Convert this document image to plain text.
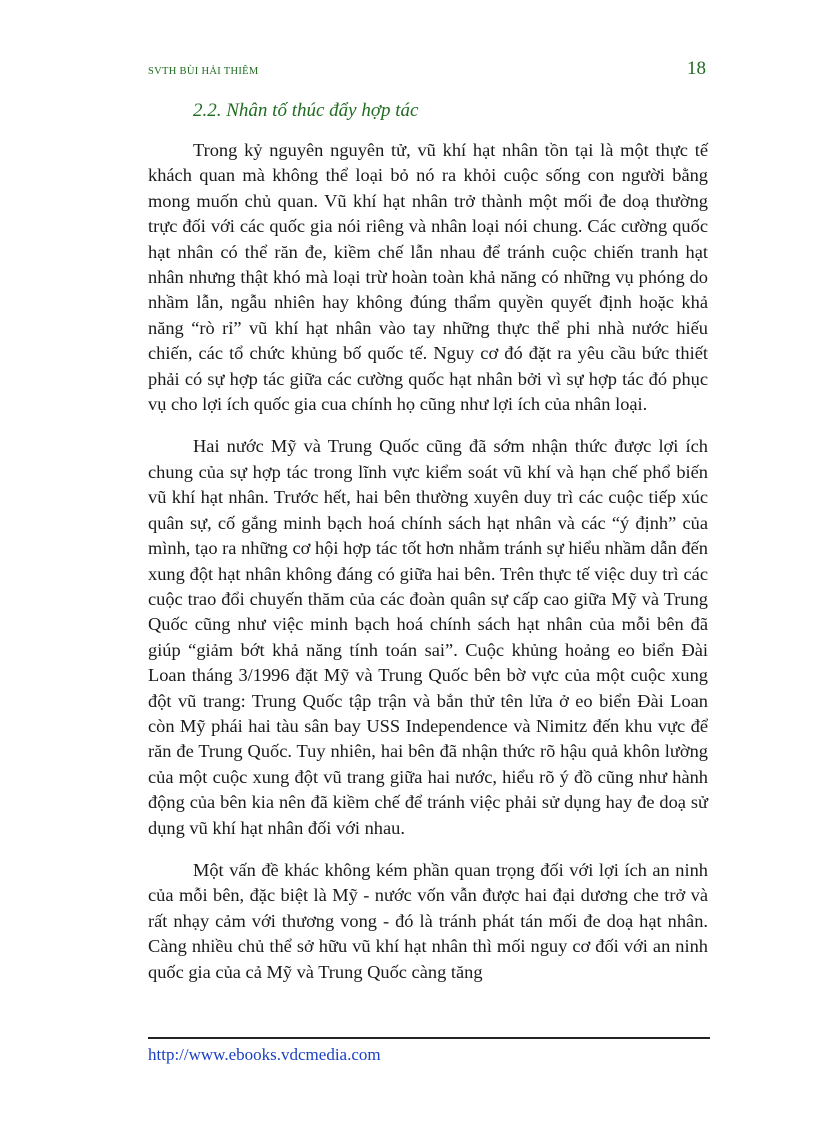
SVTH BÙI HẢI THIÊM	18
2.2. Nhân tố thúc đẩy hợp tác

Trong kỷ nguyên nguyên tử, vũ khí hạt nhân tồn tại là một thực tế khách quan mà không thể loại bỏ nó ra khỏi cuộc sống con người bằng mong muốn chủ quan. Vũ khí hạt nhân trở thành một mối đe doạ thường trực đối với các quốc gia nói riêng và nhân loại nói chung. Các cường quốc hạt nhân có thể răn đe, kiềm chế lẫn nhau để tránh cuộc chiến tranh hạt nhân nhưng thật khó mà loại trừ hoàn toàn khả năng có những vụ phóng do nhầm lẫn, ngẫu nhiên hay không đúng thẩm quyền quyết định hoặc khả năng “rò rỉ” vũ khí hạt nhân vào tay những thực thể phi nhà nước hiếu chiến, các tổ chức khủng bố quốc tế. Nguy cơ đó đặt ra yêu cầu bức thiết phải có sự hợp tác giữa các cường quốc hạt nhân bởi vì sự hợp tác đó phục vụ cho lợi ích quốc gia cua chính họ cũng như lợi ích của nhân loại.

Hai nước Mỹ và Trung Quốc cũng đã sớm nhận thức được lợi ích chung của sự hợp tác trong lĩnh vực kiểm soát vũ khí và hạn chế phổ biến vũ khí hạt nhân. Trước hết, hai bên thường xuyên duy trì các cuộc tiếp xúc quân sự, cố gắng minh bạch hoá chính sách hạt nhân và các “ý định” của mình, tạo ra những cơ hội hợp tác tốt hơn nhằm tránh sự hiểu nhầm dẫn đến xung đột hạt nhân không đáng có giữa hai bên. Trên thực tế việc duy trì các cuộc trao đổi chuyến thăm của các đoàn quân sự cấp cao giữa Mỹ và Trung Quốc cũng như việc minh bạch hoá chính sách hạt nhân của mỗi bên đã giúp “giảm bớt khả năng tính toán sai”. Cuộc khủng hoảng eo biển Đài Loan tháng 3/1996 đặt Mỹ và Trung Quốc bên bờ vực của một cuộc xung đột vũ trang: Trung Quốc tập trận và bắn thử tên lửa ở eo biển Đài Loan còn Mỹ phái hai tàu sân bay USS Independence và Nimitz đến khu vực để răn đe Trung Quốc. Tuy nhiên, hai bên đã nhận thức rõ hậu quả khôn lường của một cuộc xung đột vũ trang giữa hai nước, hiểu rõ ý đồ cũng như hành động của bên kia nên đã kiềm chế để tránh việc phải sử dụng hay đe doạ sử dụng vũ khí hạt nhân đối với nhau.

Một vấn đề khác không kém phần quan trọng đối với lợi ích an ninh của mỗi bên, đặc biệt là Mỹ - nước vốn vẫn được hai đại dương che trở và rất nhạy cảm với thương vong - đó là tránh phát tán mối đe doạ hạt nhân. Càng nhiều chủ thể sở hữu vũ khí hạt nhân thì mối nguy cơ đối với an ninh quốc gia của cả Mỹ và Trung Quốc càng tăng

http://www.ebooks.vdcmedia.com
